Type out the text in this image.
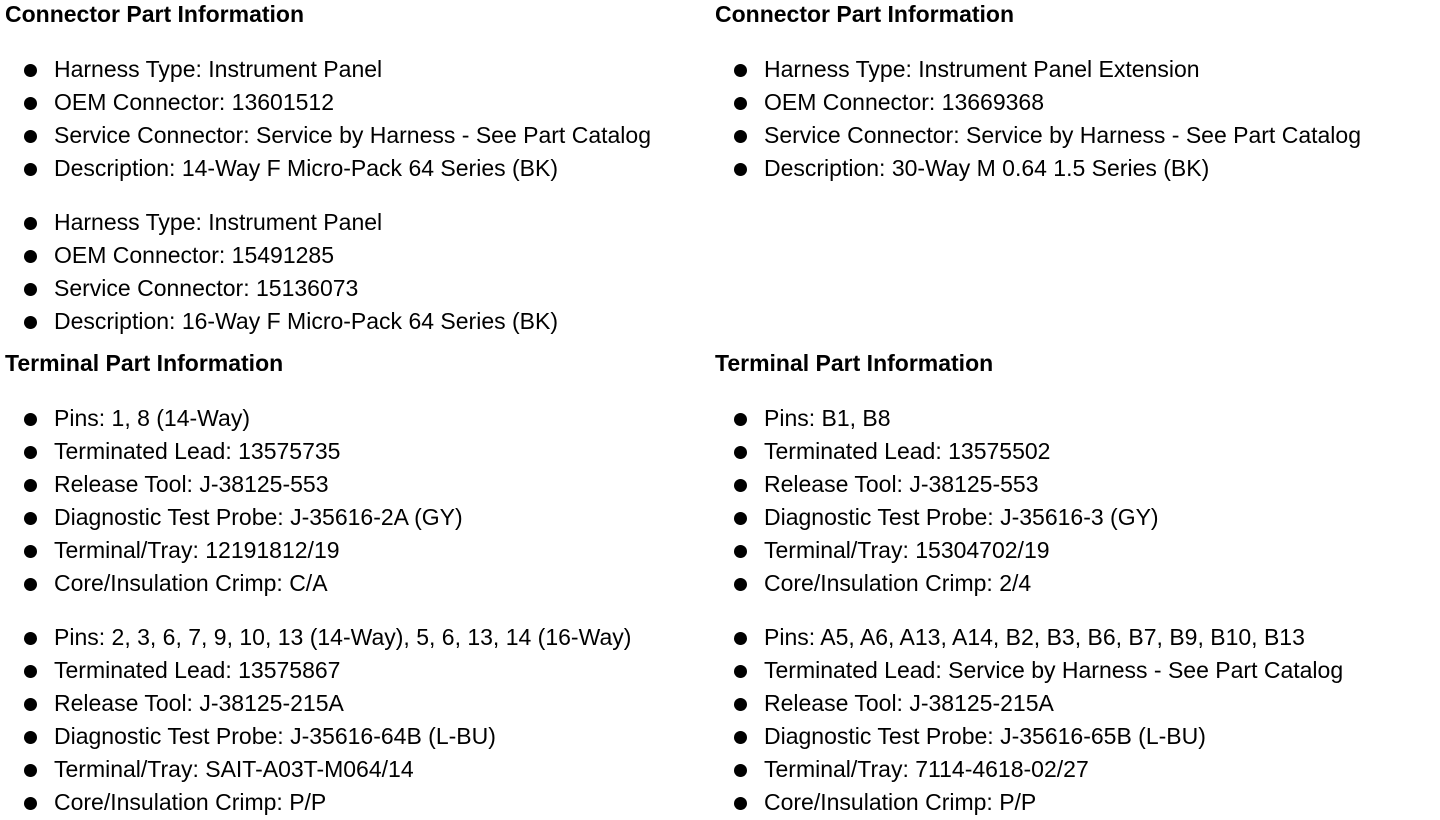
Connector Part Information
Harness Type: Instrument Panel
OEM Connector: 13601512
Service Connector: Service by Harness - See Part Catalog
Description: 14-Way F Micro-Pack 64 Series (BK)
Harness Type: Instrument Panel
OEM Connector: 15491285
Service Connector: 15136073
Description: 16-Way F Micro-Pack 64 Series (BK)
Terminal Part Information
Pins: 1, 8 (14-Way)
Terminated Lead: 13575735
Release Tool: J-38125-553
Diagnostic Test Probe: J-35616-2A (GY)
Terminal/Tray: 12191812/19
Core/Insulation Crimp: C/A
Pins: 2, 3, 6, 7, 9, 10, 13 (14-Way), 5, 6, 13, 14 (16-Way)
Terminated Lead: 13575867
Release Tool: J-38125-215A
Diagnostic Test Probe: J-35616-64B (L-BU)
Terminal/Tray: SAIT-A03T-M064/14
Core/Insulation Crimp: P/P
Connector Part Information
Harness Type: Instrument Panel Extension
OEM Connector: 13669368
Service Connector: Service by Harness - See Part Catalog
Description: 30-Way M 0.64 1.5 Series (BK)
Terminal Part Information
Pins: B1, B8
Terminated Lead: 13575502
Release Tool: J-38125-553
Diagnostic Test Probe: J-35616-3 (GY)
Terminal/Tray: 15304702/19
Core/Insulation Crimp: 2/4
Pins: A5, A6, A13, A14, B2, B3, B6, B7, B9, B10, B13
Terminated Lead: Service by Harness - See Part Catalog
Release Tool: J-38125-215A
Diagnostic Test Probe: J-35616-65B (L-BU)
Terminal/Tray: 7114-4618-02/27
Core/Insulation Crimp: P/P
